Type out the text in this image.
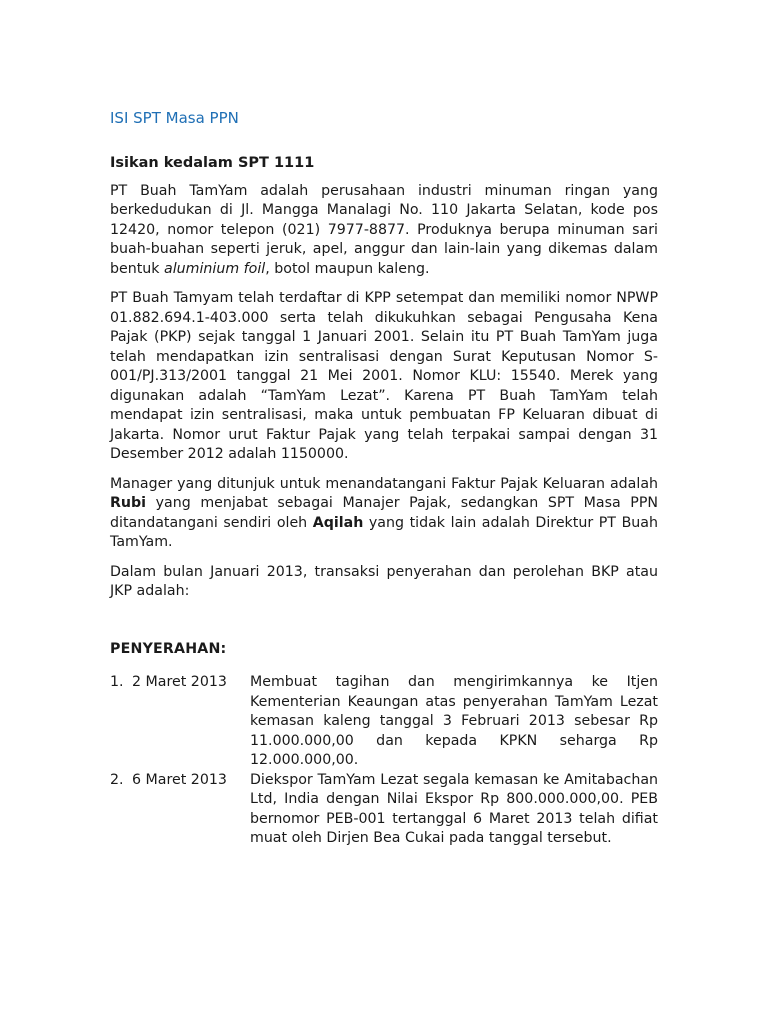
ISI SPT Masa PPN
Isikan kedalam SPT 1111

PT Buah TamYam adalah perusahaan industri minuman ringan yang berkedudukan di Jl. Mangga Manalagi No. 110 Jakarta Selatan, kode pos 12420, nomor telepon (021) 7977-8877. Produknya berupa minuman sari buah-buahan seperti jeruk, apel, anggur dan lain-lain yang dikemas dalam bentuk aluminium foil, botol maupun kaleng.

PT Buah Tamyam telah terdaftar di KPP setempat dan memiliki nomor NPWP 01.882.694.1-403.000 serta telah dikukuhkan sebagai Pengusaha Kena Pajak (PKP) sejak tanggal 1 Januari 2001. Selain itu PT Buah TamYam juga telah mendapatkan izin sentralisasi dengan Surat Keputusan Nomor S-001/PJ.313/2001 tanggal 21 Mei 2001. Nomor KLU: 15540. Merek yang digunakan adalah “TamYam Lezat”. Karena PT Buah TamYam telah mendapat izin sentralisasi, maka untuk pembuatan FP Keluaran dibuat di Jakarta. Nomor urut Faktur Pajak yang telah terpakai sampai dengan 31 Desember 2012 adalah 1150000.

Manager yang ditunjuk untuk menandatangani Faktur Pajak Keluaran adalah Rubi yang menjabat sebagai Manajer Pajak, sedangkan SPT Masa PPN ditandatangani sendiri oleh Aqilah yang tidak lain adalah Direktur PT Buah TamYam.

Dalam bulan Januari 2013, transaksi penyerahan dan perolehan BKP atau JKP adalah:

PENYERAHAN:
1. 2 Maret 2013	Membuat tagihan dan mengirimkannya ke Itjen Kementerian Keaungan atas penyerahan TamYam Lezat kemasan kaleng tanggal 3 Februari 2013 sebesar Rp 11.000.000,00 dan kepada KPKN seharga Rp 12.000.000,00.
2. 6 Maret 2013	Diekspor TamYam Lezat segala kemasan ke Amitabachan Ltd, India dengan Nilai Ekspor Rp 800.000.000,00. PEB bernomor PEB-001 tertanggal 6 Maret 2013 telah difiat muat oleh Dirjen Bea Cukai pada tanggal tersebut.
